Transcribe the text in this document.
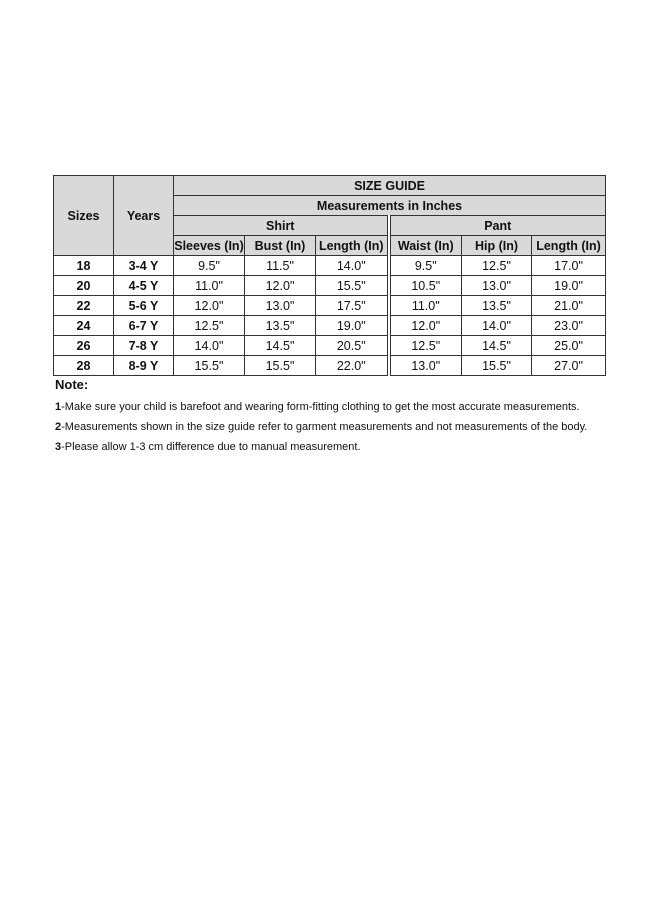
Sizes	Years	SIZE GUIDE					
		Measurements in Inches					
		Shirt			Pant		
		Sleeves (In)	Bust (In)	Length (In)	Waist (In)	Hip (In)	Length (In)
18	3-4 Y	9.5"	11.5"	14.0"	9.5"	12.5"	17.0"
20	4-5 Y	11.0"	12.0"	15.5"	10.5"	13.0"	19.0"
22	5-6 Y	12.0"	13.0"	17.5"	11.0"	13.5"	21.0"
24	6-7 Y	12.5"	13.5"	19.0"	12.0"	14.0"	23.0"
26	7-8 Y	14.0"	14.5"	20.5"	12.5"	14.5"	25.0"
28	8-9 Y	15.5"	15.5"	22.0"	13.0"	15.5"	27.0"

Note:

1-Make sure your child is barefoot and wearing form-fitting clothing to get the most accurate measurements.

2-Measurements shown in the size guide refer to garment measurements and not measurements of the body.

3-Please allow 1-3 cm difference due to manual measurement.
